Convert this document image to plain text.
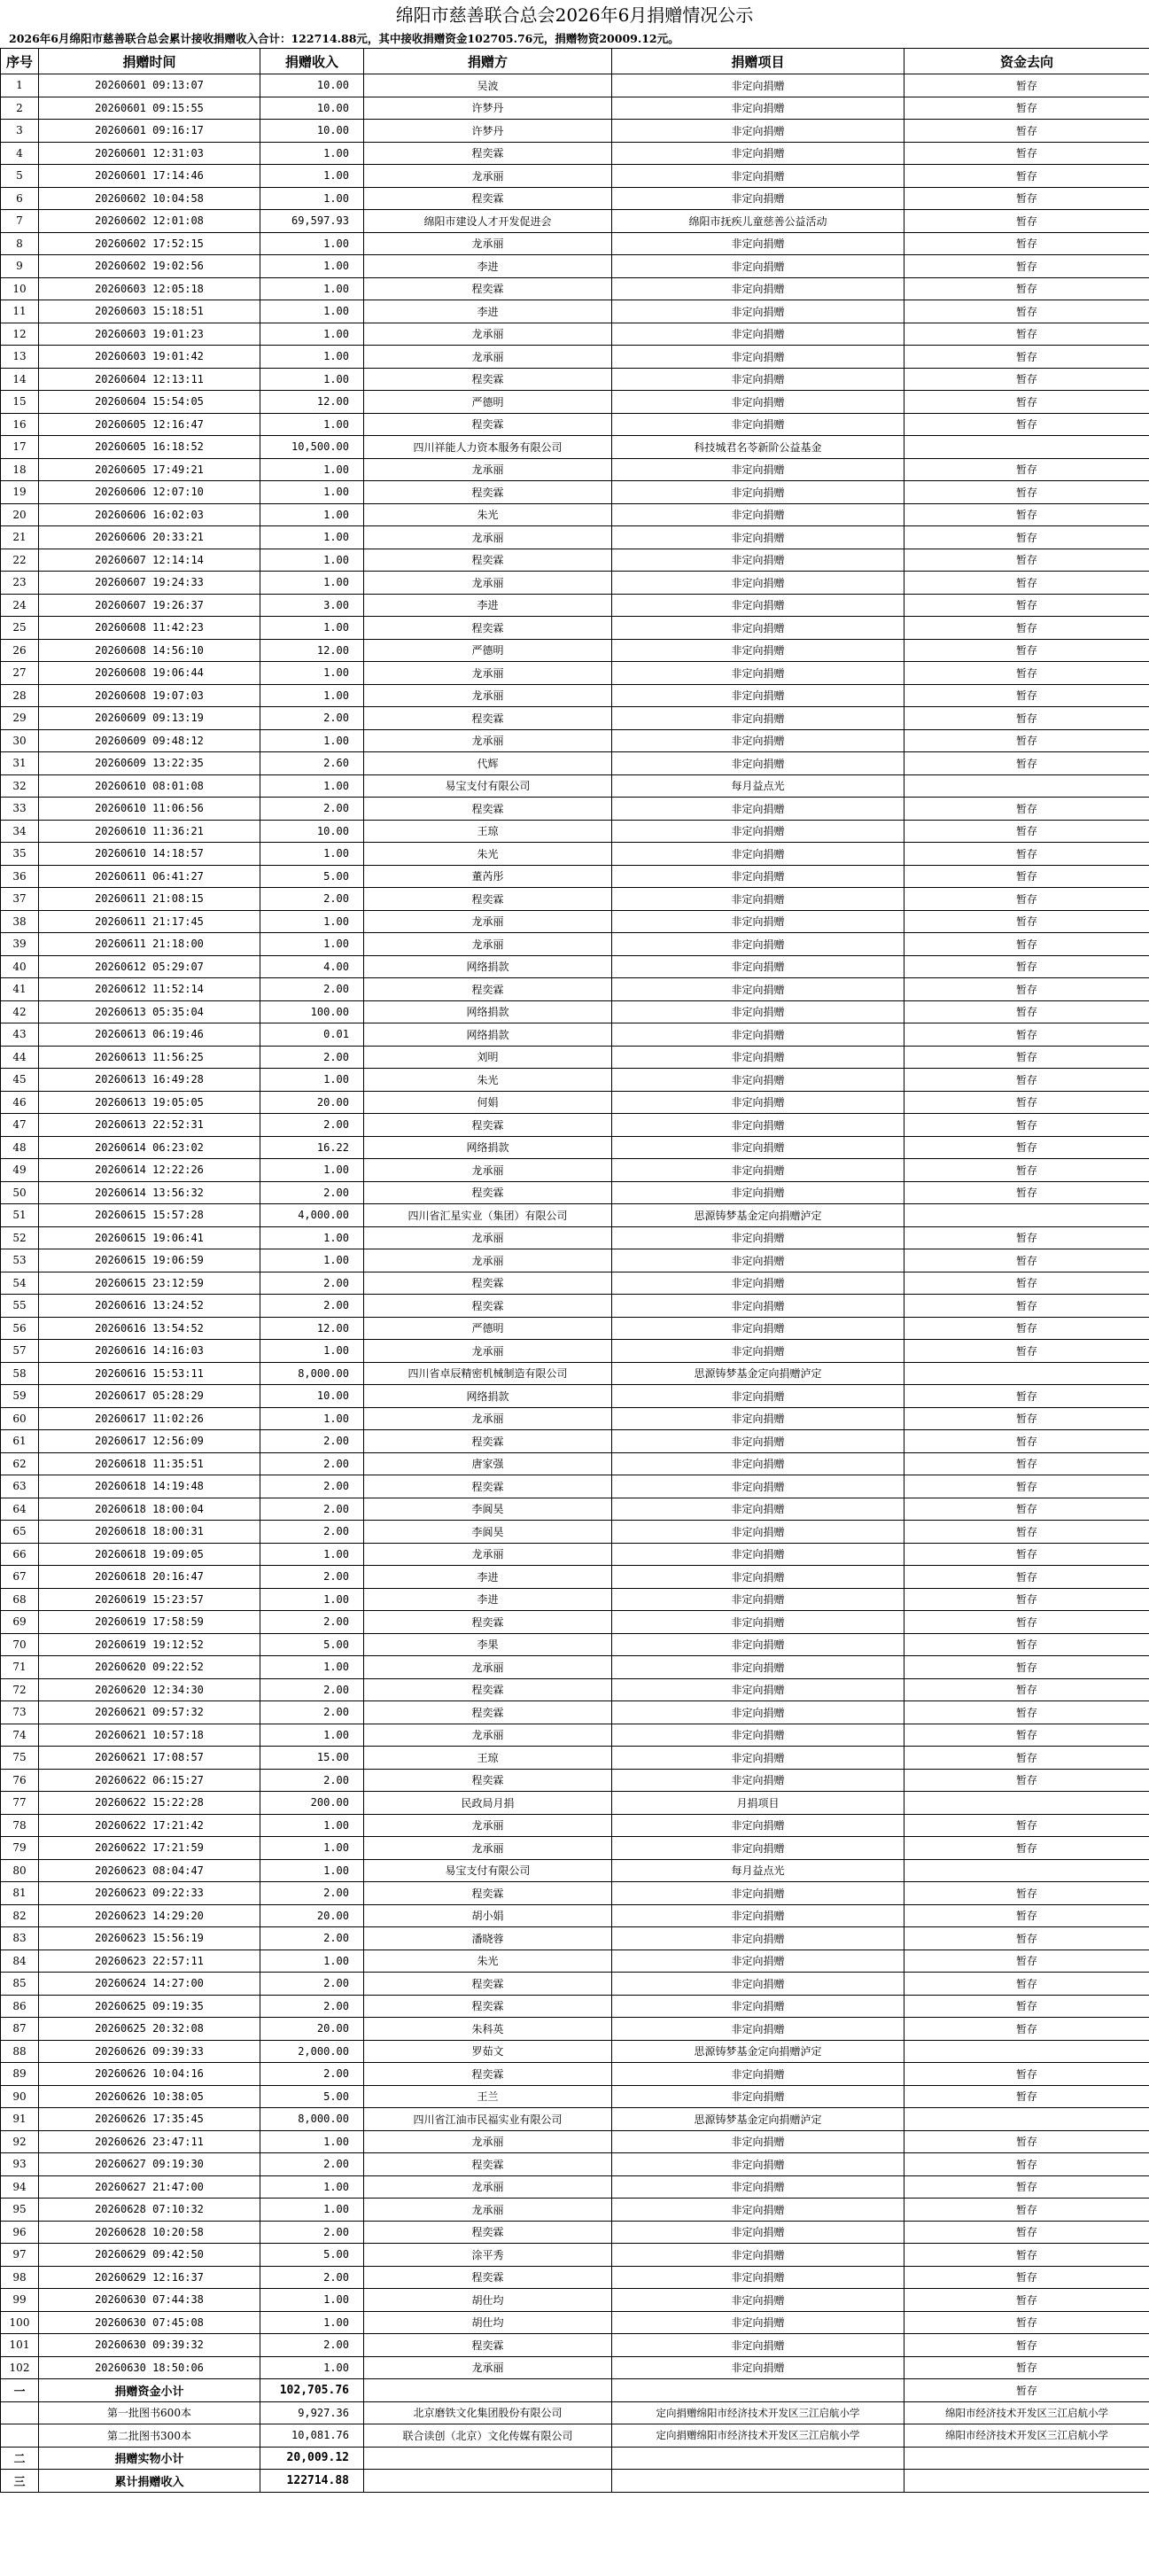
绵阳市慈善联合总会2026年6月捐赠情况公示
2026年6月绵阳市慈善联合总会累计接收捐赠收入合计：122714.88元，其中接收捐赠资金102705.76元，捐赠物资20009.12元。
序号	捐赠时间	捐赠收入	捐赠方	捐赠项目	资金去向
1	20260601 09:13:07	10.00	吴波	非定向捐赠	暂存
2	20260601 09:15:55	10.00	许梦丹	非定向捐赠	暂存
3	20260601 09:16:17	10.00	许梦丹	非定向捐赠	暂存
4	20260601 12:31:03	1.00	程奕霖	非定向捐赠	暂存
5	20260601 17:14:46	1.00	龙承丽	非定向捐赠	暂存
6	20260602 10:04:58	1.00	程奕霖	非定向捐赠	暂存
7	20260602 12:01:08	69,597.93	绵阳市建设人才开发促进会	绵阳市抚疾儿童慈善公益活动	暂存
8	20260602 17:52:15	1.00	龙承丽	非定向捐赠	暂存
9	20260602 19:02:56	1.00	李进	非定向捐赠	暂存
10	20260603 12:05:18	1.00	程奕霖	非定向捐赠	暂存
11	20260603 15:18:51	1.00	李进	非定向捐赠	暂存
12	20260603 19:01:23	1.00	龙承丽	非定向捐赠	暂存
13	20260603 19:01:42	1.00	龙承丽	非定向捐赠	暂存
14	20260604 12:13:11	1.00	程奕霖	非定向捐赠	暂存
15	20260604 15:54:05	12.00	严德明	非定向捐赠	暂存
16	20260605 12:16:47	1.00	程奕霖	非定向捐赠	暂存
17	20260605 16:18:52	10,500.00	四川祥能人力资本服务有限公司	科技城君名苓新阶公益基金	
18	20260605 17:49:21	1.00	龙承丽	非定向捐赠	暂存
19	20260606 12:07:10	1.00	程奕霖	非定向捐赠	暂存
20	20260606 16:02:03	1.00	朱光	非定向捐赠	暂存
21	20260606 20:33:21	1.00	龙承丽	非定向捐赠	暂存
22	20260607 12:14:14	1.00	程奕霖	非定向捐赠	暂存
23	20260607 19:24:33	1.00	龙承丽	非定向捐赠	暂存
24	20260607 19:26:37	3.00	李进	非定向捐赠	暂存
25	20260608 11:42:23	1.00	程奕霖	非定向捐赠	暂存
26	20260608 14:56:10	12.00	严德明	非定向捐赠	暂存
27	20260608 19:06:44	1.00	龙承丽	非定向捐赠	暂存
28	20260608 19:07:03	1.00	龙承丽	非定向捐赠	暂存
29	20260609 09:13:19	2.00	程奕霖	非定向捐赠	暂存
30	20260609 09:48:12	1.00	龙承丽	非定向捐赠	暂存
31	20260609 13:22:35	2.60	代辉	非定向捐赠	暂存
32	20260610 08:01:08	1.00	易宝支付有限公司	每月益点光	
33	20260610 11:06:56	2.00	程奕霖	非定向捐赠	暂存
34	20260610 11:36:21	10.00	王琼	非定向捐赠	暂存
35	20260610 14:18:57	1.00	朱光	非定向捐赠	暂存
36	20260611 06:41:27	5.00	董芮彤	非定向捐赠	暂存
37	20260611 21:08:15	2.00	程奕霖	非定向捐赠	暂存
38	20260611 21:17:45	1.00	龙承丽	非定向捐赠	暂存
39	20260611 21:18:00	1.00	龙承丽	非定向捐赠	暂存
40	20260612 05:29:07	4.00	网络捐款	非定向捐赠	暂存
41	20260612 11:52:14	2.00	程奕霖	非定向捐赠	暂存
42	20260613 05:35:04	100.00	网络捐款	非定向捐赠	暂存
43	20260613 06:19:46	0.01	网络捐款	非定向捐赠	暂存
44	20260613 11:56:25	2.00	刘明	非定向捐赠	暂存
45	20260613 16:49:28	1.00	朱光	非定向捐赠	暂存
46	20260613 19:05:05	20.00	何娟	非定向捐赠	暂存
47	20260613 22:52:31	2.00	程奕霖	非定向捐赠	暂存
48	20260614 06:23:02	16.22	网络捐款	非定向捐赠	暂存
49	20260614 12:22:26	1.00	龙承丽	非定向捐赠	暂存
50	20260614 13:56:32	2.00	程奕霖	非定向捐赠	暂存
51	20260615 15:57:28	4,000.00	四川省汇星实业（集团）有限公司	思源铸梦基金定向捐赠泸定	
52	20260615 19:06:41	1.00	龙承丽	非定向捐赠	暂存
53	20260615 19:06:59	1.00	龙承丽	非定向捐赠	暂存
54	20260615 23:12:59	2.00	程奕霖	非定向捐赠	暂存
55	20260616 13:24:52	2.00	程奕霖	非定向捐赠	暂存
56	20260616 13:54:52	12.00	严德明	非定向捐赠	暂存
57	20260616 14:16:03	1.00	龙承丽	非定向捐赠	暂存
58	20260616 15:53:11	8,000.00	四川省卓辰精密机械制造有限公司	思源铸梦基金定向捐赠泸定	
59	20260617 05:28:29	10.00	网络捐款	非定向捐赠	暂存
60	20260617 11:02:26	1.00	龙承丽	非定向捐赠	暂存
61	20260617 12:56:09	2.00	程奕霖	非定向捐赠	暂存
62	20260618 11:35:51	2.00	唐家强	非定向捐赠	暂存
63	20260618 14:19:48	2.00	程奕霖	非定向捐赠	暂存
64	20260618 18:00:04	2.00	李阆昊	非定向捐赠	暂存
65	20260618 18:00:31	2.00	李阆昊	非定向捐赠	暂存
66	20260618 19:09:05	1.00	龙承丽	非定向捐赠	暂存
67	20260618 20:16:47	2.00	李进	非定向捐赠	暂存
68	20260619 15:23:57	1.00	李进	非定向捐赠	暂存
69	20260619 17:58:59	2.00	程奕霖	非定向捐赠	暂存
70	20260619 19:12:52	5.00	李果	非定向捐赠	暂存
71	20260620 09:22:52	1.00	龙承丽	非定向捐赠	暂存
72	20260620 12:34:30	2.00	程奕霖	非定向捐赠	暂存
73	20260621 09:57:32	2.00	程奕霖	非定向捐赠	暂存
74	20260621 10:57:18	1.00	龙承丽	非定向捐赠	暂存
75	20260621 17:08:57	15.00	王琼	非定向捐赠	暂存
76	20260622 06:15:27	2.00	程奕霖	非定向捐赠	暂存
77	20260622 15:22:28	200.00	民政局月捐	月捐项目	
78	20260622 17:21:42	1.00	龙承丽	非定向捐赠	暂存
79	20260622 17:21:59	1.00	龙承丽	非定向捐赠	暂存
80	20260623 08:04:47	1.00	易宝支付有限公司	每月益点光	
81	20260623 09:22:33	2.00	程奕霖	非定向捐赠	暂存
82	20260623 14:29:20	20.00	胡小娟	非定向捐赠	暂存
83	20260623 15:56:19	2.00	潘晓蓉	非定向捐赠	暂存
84	20260623 22:57:11	1.00	朱光	非定向捐赠	暂存
85	20260624 14:27:00	2.00	程奕霖	非定向捐赠	暂存
86	20260625 09:19:35	2.00	程奕霖	非定向捐赠	暂存
87	20260625 20:32:08	20.00	朱科英	非定向捐赠	暂存
88	20260626 09:39:33	2,000.00	罗茹文	思源铸梦基金定向捐赠泸定	
89	20260626 10:04:16	2.00	程奕霖	非定向捐赠	暂存
90	20260626 10:38:05	5.00	王兰	非定向捐赠	暂存
91	20260626 17:35:45	8,000.00	四川省江油市民福实业有限公司	思源铸梦基金定向捐赠泸定	
92	20260626 23:47:11	1.00	龙承丽	非定向捐赠	暂存
93	20260627 09:19:30	2.00	程奕霖	非定向捐赠	暂存
94	20260627 21:47:00	1.00	龙承丽	非定向捐赠	暂存
95	20260628 07:10:32	1.00	龙承丽	非定向捐赠	暂存
96	20260628 10:20:58	2.00	程奕霖	非定向捐赠	暂存
97	20260629 09:42:50	5.00	涂平秀	非定向捐赠	暂存
98	20260629 12:16:37	2.00	程奕霖	非定向捐赠	暂存
99	20260630 07:44:38	1.00	胡仕均	非定向捐赠	暂存
100	20260630 07:45:08	1.00	胡仕均	非定向捐赠	暂存
101	20260630 09:39:32	2.00	程奕霖	非定向捐赠	暂存
102	20260630 18:50:06	1.00	龙承丽	非定向捐赠	暂存
一	捐赠资金小计	102,705.76			暂存
	第一批图书600本	9,927.36	北京磨铁文化集团股份有限公司	定向捐赠绵阳市经济技术开发区三江启航小学	绵阳市经济技术开发区三江启航小学
	第二批图书300本	10,081.76	联合读创（北京）文化传媒有限公司	定向捐赠绵阳市经济技术开发区三江启航小学	绵阳市经济技术开发区三江启航小学
二	捐赠实物小计	20,009.12			
三	累计捐赠收入	122714.88			
